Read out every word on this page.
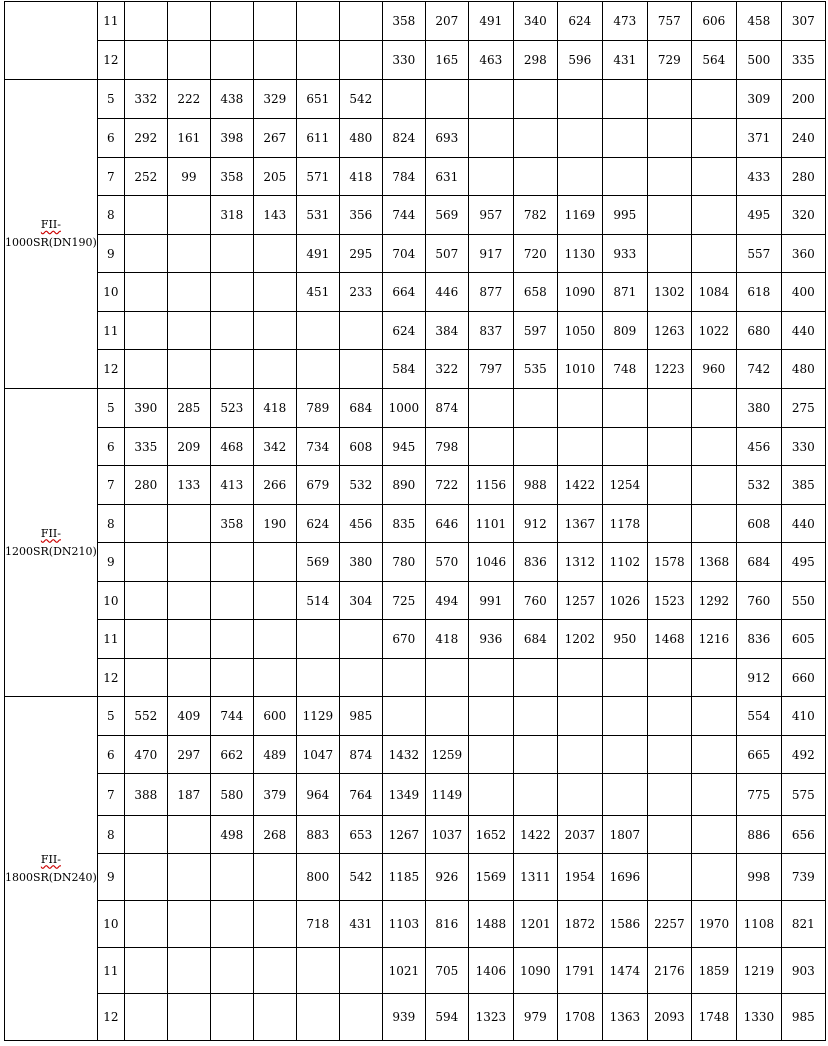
	11							358	207	491	340	624	473	757	606	458	307
	12							330	165	463	298	596	431	729	564	500	335
FII-
1000SR(DN190)	5	332	222	438	329	651	542									309	200
	6	292	161	398	267	611	480	824	693							371	240
	7	252	99	358	205	571	418	784	631							433	280
	8			318	143	531	356	744	569	957	782	1169	995			495	320
	9					491	295	704	507	917	720	1130	933			557	360
	10					451	233	664	446	877	658	1090	871	1302	1084	618	400
	11							624	384	837	597	1050	809	1263	1022	680	440
	12							584	322	797	535	1010	748	1223	960	742	480
FII-
1200SR(DN210)	5	390	285	523	418	789	684	1000	874							380	275
	6	335	209	468	342	734	608	945	798							456	330
	7	280	133	413	266	679	532	890	722	1156	988	1422	1254			532	385
	8			358	190	624	456	835	646	1101	912	1367	1178			608	440
	9					569	380	780	570	1046	836	1312	1102	1578	1368	684	495
	10					514	304	725	494	991	760	1257	1026	1523	1292	760	550
	11							670	418	936	684	1202	950	1468	1216	836	605
	12															912	660
FII-
1800SR(DN240)	5	552	409	744	600	1129	985									554	410
	6	470	297	662	489	1047	874	1432	1259							665	492
	7	388	187	580	379	964	764	1349	1149							775	575
	8			498	268	883	653	1267	1037	1652	1422	2037	1807			886	656
	9					800	542	1185	926	1569	1311	1954	1696			998	739
	10					718	431	1103	816	1488	1201	1872	1586	2257	1970	1108	821
	11							1021	705	1406	1090	1791	1474	2176	1859	1219	903
	12							939	594	1323	979	1708	1363	2093	1748	1330	985
